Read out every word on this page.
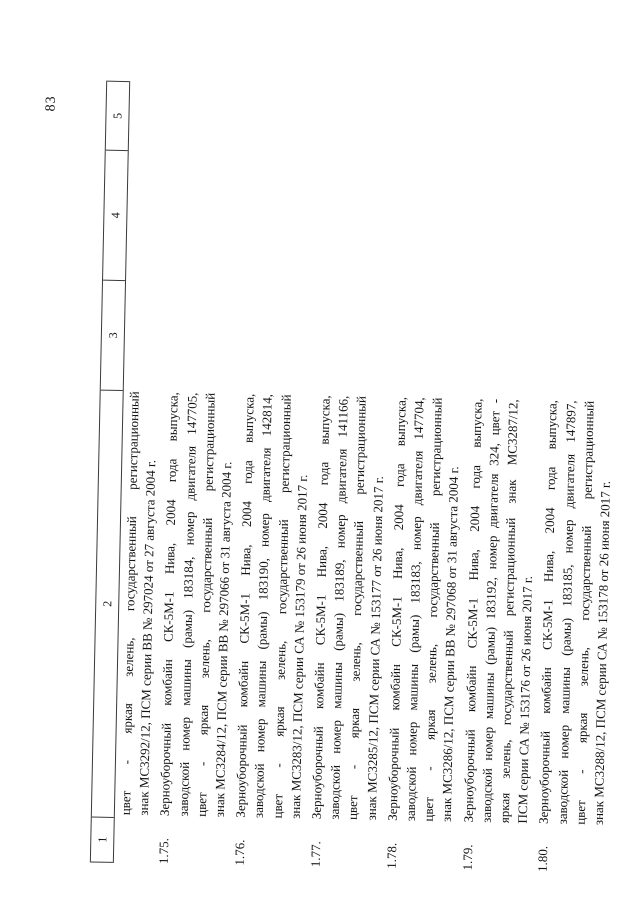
83
1
2
3
4
5
цвет - яркая зелень, государственный регистрационный
знак МС3292/12, ПСМ серии ВВ № 297024 от 27 августа 2004 г.
1.75.
Зерноуборочный комбайн СК-5М-1 Нива, 2004 года выпуска,
заводской номер машины (рамы) 183184, номер двигателя 147705,
цвет - яркая зелень, государственный регистрационный
знак МС3284/12, ПСМ серии ВВ № 297066 от 31 августа 2004 г.
1.76.
Зерноуборочный комбайн СК-5М-1 Нива, 2004 года выпуска,
заводской номер машины (рамы) 183190, номер двигателя 142814,
цвет - яркая зелень, государственный регистрационный
знак МС3283/12, ПСМ серии СА № 153179 от 26 июня 2017 г.
1.77.
Зерноуборочный комбайн СК-5М-1 Нива, 2004 года выпуска,
заводской номер машины (рамы) 183189, номер двигателя 141166,
цвет - яркая зелень, государственный регистрационный
знак МС3285/12, ПСМ серии СА № 153177 от 26 июня 2017 г.
1.78.
Зерноуборочный комбайн СК-5М-1 Нива, 2004 года выпуска,
заводской номер машины (рамы) 183183, номер двигателя 147704,
цвет - яркая зелень, государственный регистрационный
знак МС3286/12, ПСМ серии ВВ № 297068 от 31 августа 2004 г.
1.79.
Зерноуборочный комбайн СК-5М-1 Нива, 2004 года выпуска,
заводской номер машины (рамы) 183192, номер двигателя 324, цвет -
яркая зелень, государственный регистрационный знак МС3287/12,
ПСМ серии СА № 153176 от 26 июня 2017 г.
1.80.
Зерноуборочный комбайн СК-5М-1 Нива, 2004 года выпуска,
заводской номер машины (рамы) 183185, номер двигателя 147897,
цвет - яркая зелень, государственный регистрационный
знак МС3288/12, ПСМ серии СА № 153178 от 26 июня 2017 г.
